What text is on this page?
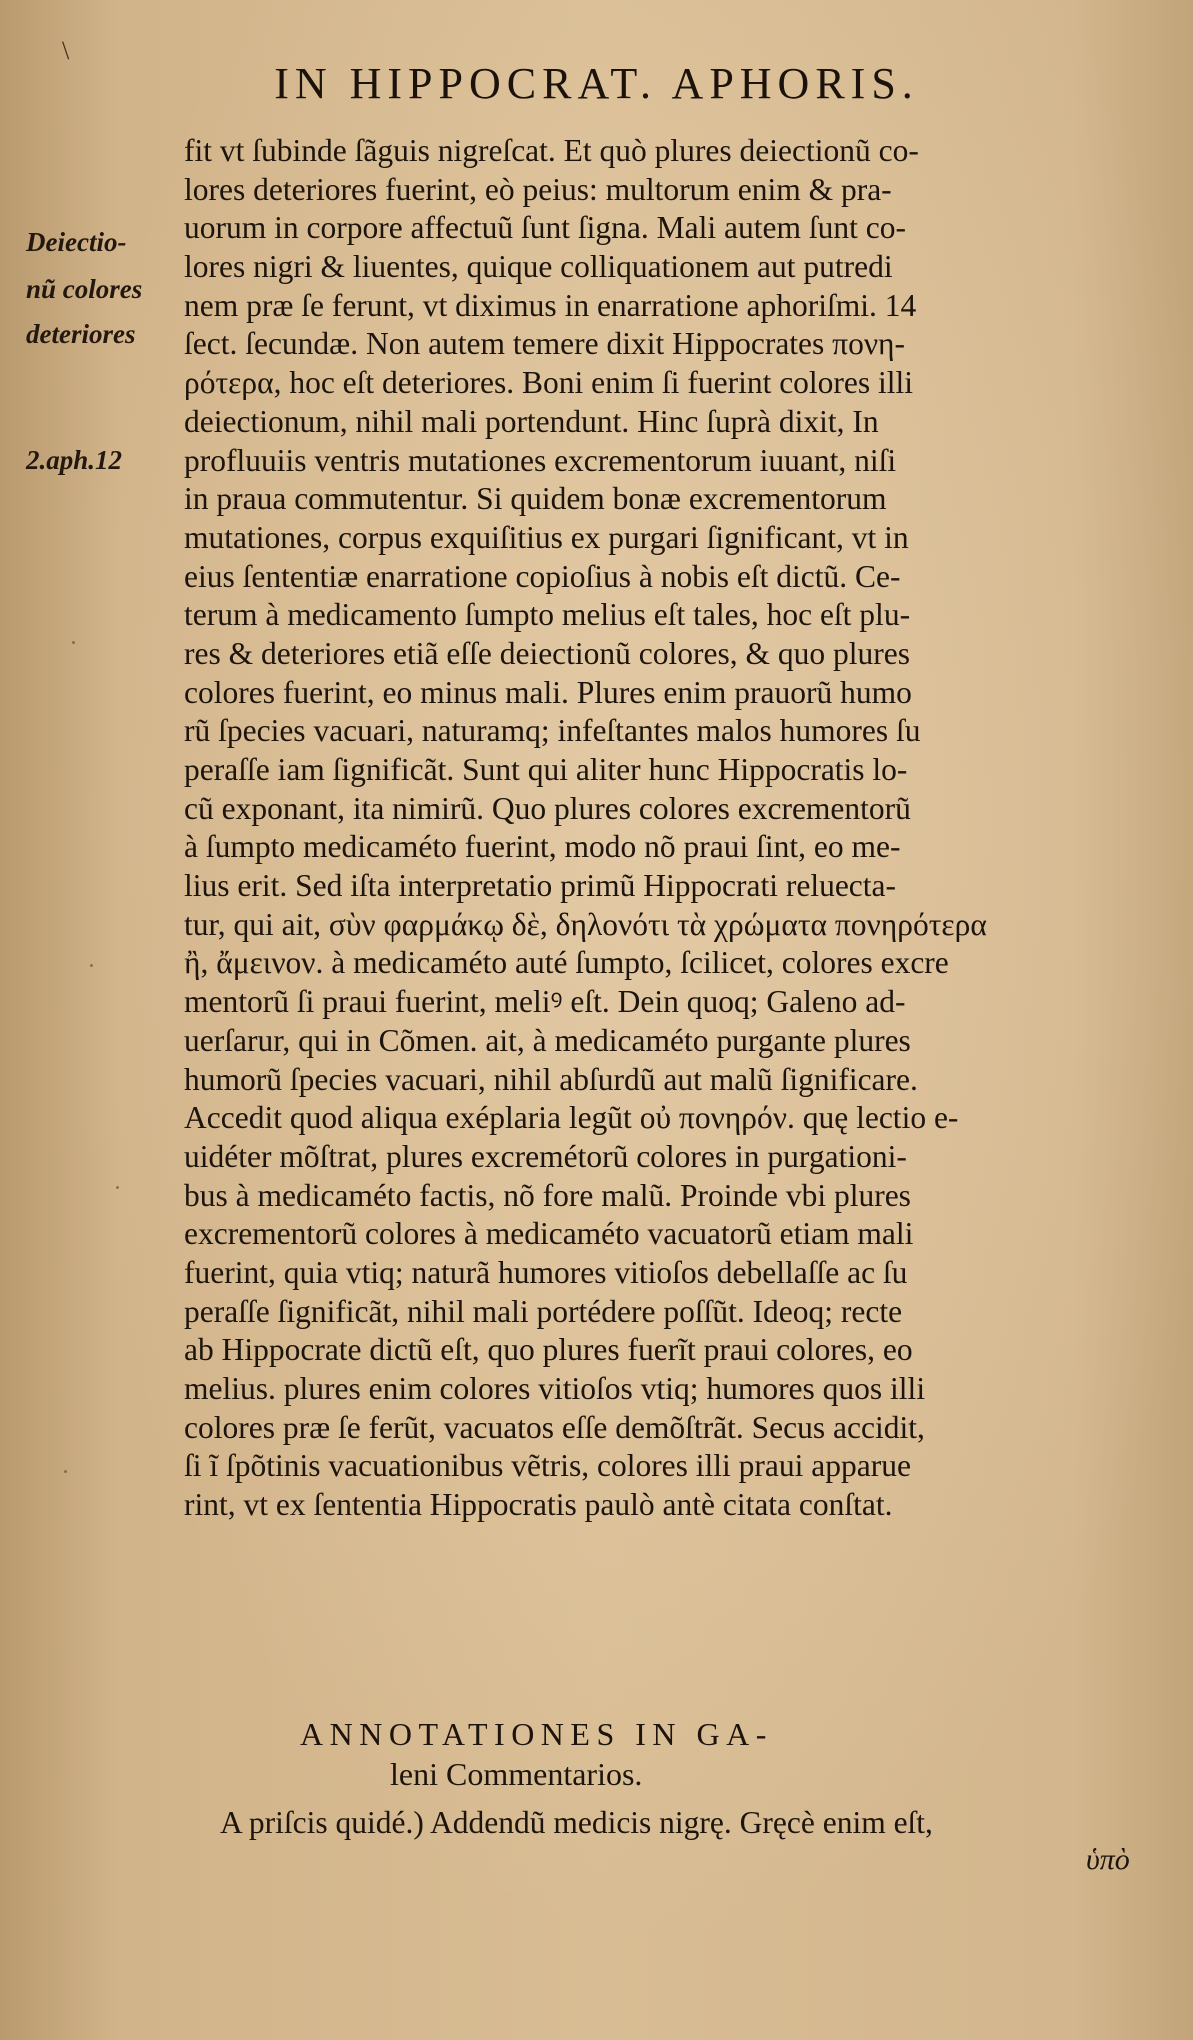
\
IN HIPPOCRAT. APHORIS.
Deiectio-
nũ colores
deteriores
2.aph.12
fit vt ſubinde ſãguis nigreſcat. Et quò plures deiectionũ co-
lores deteriores fuerint, eò peius: multorum enim & pra-
uorum in corpore affectuũ ſunt ſigna. Mali autem ſunt co-
lores nigri & liuentes, quique colliquationem aut putredi
nem præ ſe ferunt, vt diximus in enarratione aphoriſmi. 14
ſect. ſecundæ. Non autem temere dixit Hippocrates πονη-
ρότερα, hoc eſt deteriores. Boni enim ſi fuerint colores illi
deiectionum, nihil mali portendunt. Hinc ſuprà dixit, In
profluuiis ventris mutationes excrementorum iuuant, niſi
in praua commutentur. Si quidem bonæ excrementorum
mutationes, corpus exquiſitius ex purgari ſignificant, vt in
eius ſententiæ enarratione copioſius à nobis eſt dictũ. Ce-
terum à medicamento ſumpto melius eſt tales, hoc eſt plu-
res & deteriores etiã eſſe deiectionũ colores, & quo plures
colores fuerint, eo minus mali. Plures enim prauorũ humo
rũ ſpecies vacuari, naturamq; infeſtantes malos humores ſu
peraſſe iam ſignificãt. Sunt qui aliter hunc Hippocratis lo-
cũ exponant, ita nimirũ. Quo plures colores excrementorũ
à ſumpto medicaméto fuerint, modo nõ praui ſint, eo me-
lius erit. Sed iſta interpretatio primũ Hippocrati reluecta-
tur, qui ait, σὺν φαρμάκῳ δὲ, δηλονότι τὰ χρώματα πονηρότερα
ἢ, ἄμεινον. à medicaméto auté ſumpto, ſcilicet, colores excre
mentorũ ſi praui fuerint, meliꝰ eſt. Dein quoq; Galeno ad-
uerſarur, qui in Cõmen. ait, à medicaméto purgante plures
humorũ ſpecies vacuari, nihil abſurdũ aut malũ ſignificare.
Accedit quod aliqua exéplaria legũt οὐ πονηρόν. quę lectio e-
uidéter mõſtrat, plures excremétorũ colores in purgationi-
bus à medicaméto factis, nõ fore malũ. Proinde vbi plures
excrementorũ colores à medicaméto vacuatorũ etiam mali
fuerint, quia vtiq; naturã humores vitioſos debellaſſe ac ſu
peraſſe ſignificãt, nihil mali portédere poſſũt. Ideoq; recte
ab Hippocrate dictũ eſt, quo plures fuerĩt praui colores, eo
melius. plures enim colores vitioſos vtiq; humores quos illi
colores præ ſe ferũt, vacuatos eſſe demõſtrãt. Secus accidit,
ſi ĩ ſpõtinis vacuationibus vẽtris, colores illi praui apparue
rint, vt ex ſententia Hippocratis paulò antè citata conſtat.
ANNOTATIONES IN GA-
leni Commentarios.
A priſcis quidé.) Addendũ medicis nigrę. Gręcè enim eſt,
ὑπὸ
